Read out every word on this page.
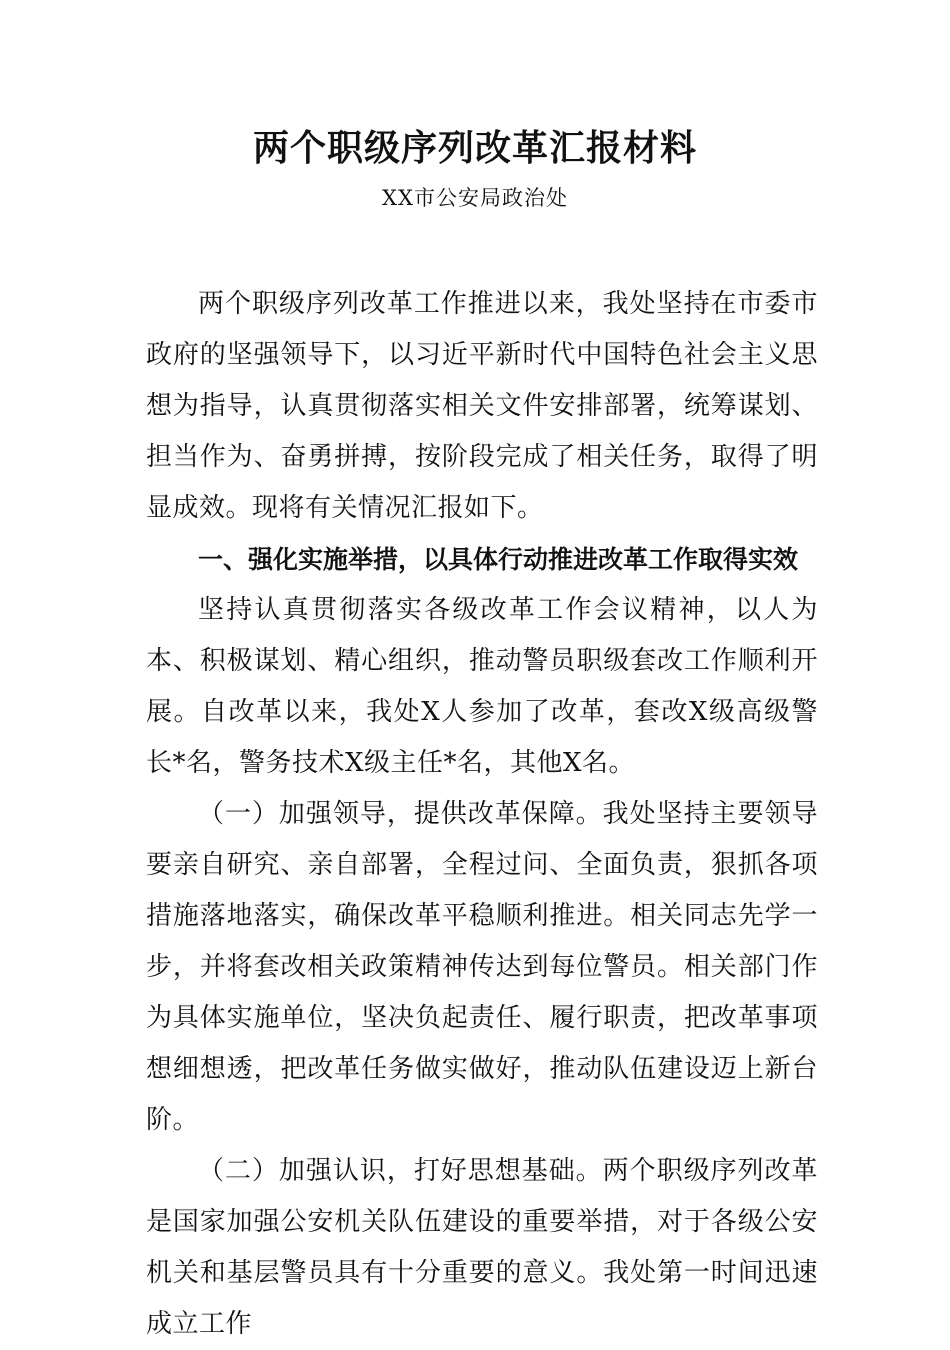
两个职级序列改革汇报材料
XX市公安局政治处

两个职级序列改革工作推进以来，我处坚持在市委市政府的坚强领导下，以习近平新时代中国特色社会主义思想为指导，认真贯彻落实相关文件安排部署，统筹谋划、担当作为、奋勇拼搏，按阶段完成了相关任务，取得了明显成效。现将有关情况汇报如下。

一、强化实施举措，以具体行动推进改革工作取得实效

坚持认真贯彻落实各级改革工作会议精神，以人为本、积极谋划、精心组织，推动警员职级套改工作顺利开展。自改革以来，我处X人参加了改革，套改X级高级警长*名，警务技术X级主任*名，其他X名。

（一）加强领导，提供改革保障。我处坚持主要领导要亲自研究、亲自部署，全程过问、全面负责，狠抓各项措施落地落实，确保改革平稳顺利推进。相关同志先学一步，并将套改相关政策精神传达到每位警员。相关部门作为具体实施单位，坚决负起责任、履行职责，把改革事项想细想透，把改革任务做实做好，推动队伍建设迈上新台阶。

（二）加强认识，打好思想基础。两个职级序列改革是国家加强公安机关队伍建设的重要举措，对于各级公安机关和基层警员具有十分重要的意义。我处第一时间迅速成立工作
